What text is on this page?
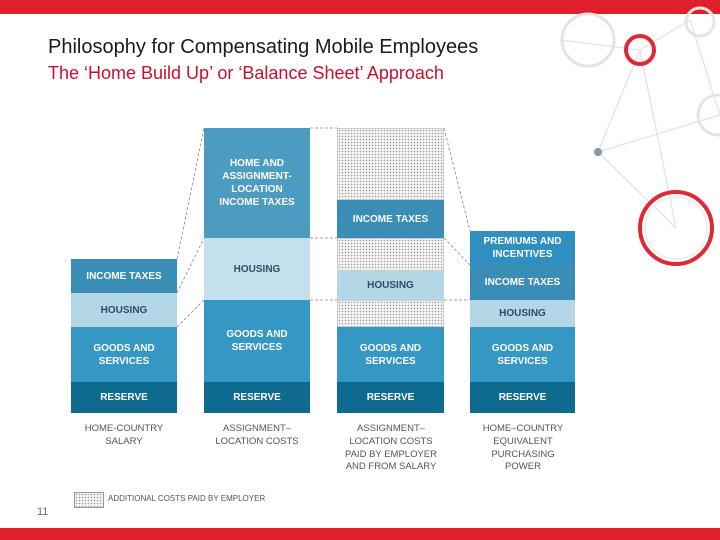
Philosophy for Compensating Mobile Employees
The ‘Home Build Up’ or ‘Balance Sheet’ Approach
INCOME TAXES
HOUSING
GOODS AND SERVICES
RESERVE
HOME-COUNTRY SALARY
HOME AND ASSIGNMENT- LOCATION INCOME TAXES
HOUSING
GOODS AND SERVICES
RESERVE
ASSIGNMENT– LOCATION COSTS
INCOME TAXES
HOUSING
GOODS AND SERVICES
RESERVE
ASSIGNMENT– LOCATION COSTS PAID BY EMPLOYER AND FROM SALARY
PREMIUMS AND INCENTIVES
INCOME TAXES
HOUSING
GOODS AND SERVICES
RESERVE
HOME–COUNTRY EQUIVALENT PURCHASING POWER
ADDITIONAL COSTS PAID BY EMPLOYER
11
